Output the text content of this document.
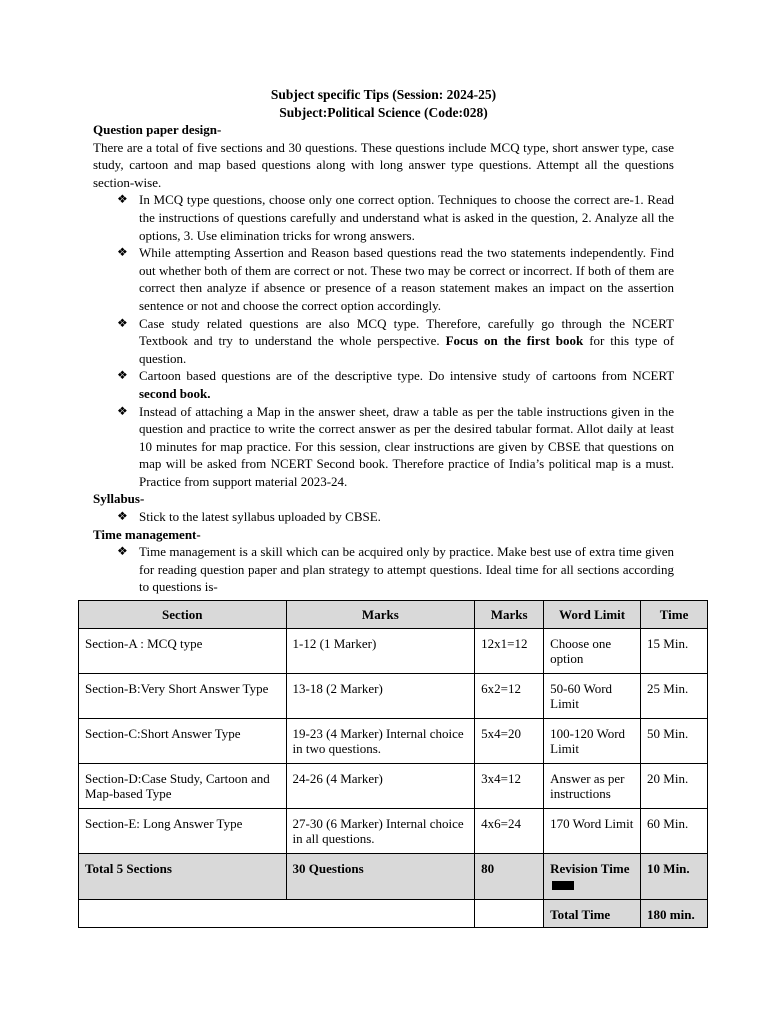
Subject specific Tips (Session: 2024-25)
Subject:Political Science (Code:028)
Question paper design-
There are a total of five sections and 30 questions. These questions include MCQ type, short answer type, case study, cartoon and map based questions along with long answer type questions. Attempt all the questions section-wise.
❖ In MCQ type questions, choose only one correct option. Techniques to choose the correct are-1. Read the instructions of questions carefully and understand what is asked in the question, 2. Analyze all the options, 3. Use elimination tricks for wrong answers.
❖ While attempting Assertion and Reason based questions read the two statements independently. Find out whether both of them are correct or not. These two may be correct or incorrect. If both of them are correct then analyze if absence or presence of a reason statement makes an impact on the assertion sentence or not and choose the correct option accordingly.
❖ Case study related questions are also MCQ type. Therefore, carefully go through the NCERT Textbook and try to understand the whole perspective. Focus on the first book for this type of question.
❖ Cartoon based questions are of the descriptive type. Do intensive study of cartoons from NCERT second book.
❖ Instead of attaching a Map in the answer sheet, draw a table as per the table instructions given in the question and practice to write the correct answer as per the desired tabular format. Allot daily at least 10 minutes for map practice. For this session, clear instructions are given by CBSE that questions on map will be asked from NCERT Second book. Therefore practice of India’s political map is a must. Practice from support material 2023-24.
Syllabus-
❖ Stick to the latest syllabus uploaded by CBSE.
Time management-
❖ Time management is a skill which can be acquired only by practice. Make best use of extra time given for reading question paper and plan strategy to attempt questions. Ideal time for all sections according to questions is-
Section	Marks	Marks	Word Limit	Time
Section-A : MCQ type	1-12 (1 Marker)	12x1=12	Choose one option	15 Min.
Section-B:Very Short Answer Type	13-18 (2 Marker)	6x2=12	50-60 Word Limit	25 Min.
Section-C:Short Answer Type	19-23 (4 Marker) Internal choice in two questions.	5x4=20	100-120 Word Limit	50 Min.
Section-D:Case Study, Cartoon and Map-based Type	24-26 (4 Marker)	3x4=12	Answer as per instructions	20 Min.
Section-E: Long Answer Type	27-30 (6 Marker) Internal choice in all questions.	4x6=24	170 Word Limit	60 Min.
Total 5 Sections	30 Questions	80	Revision Time	10 Min.
			Total Time	180 min.
